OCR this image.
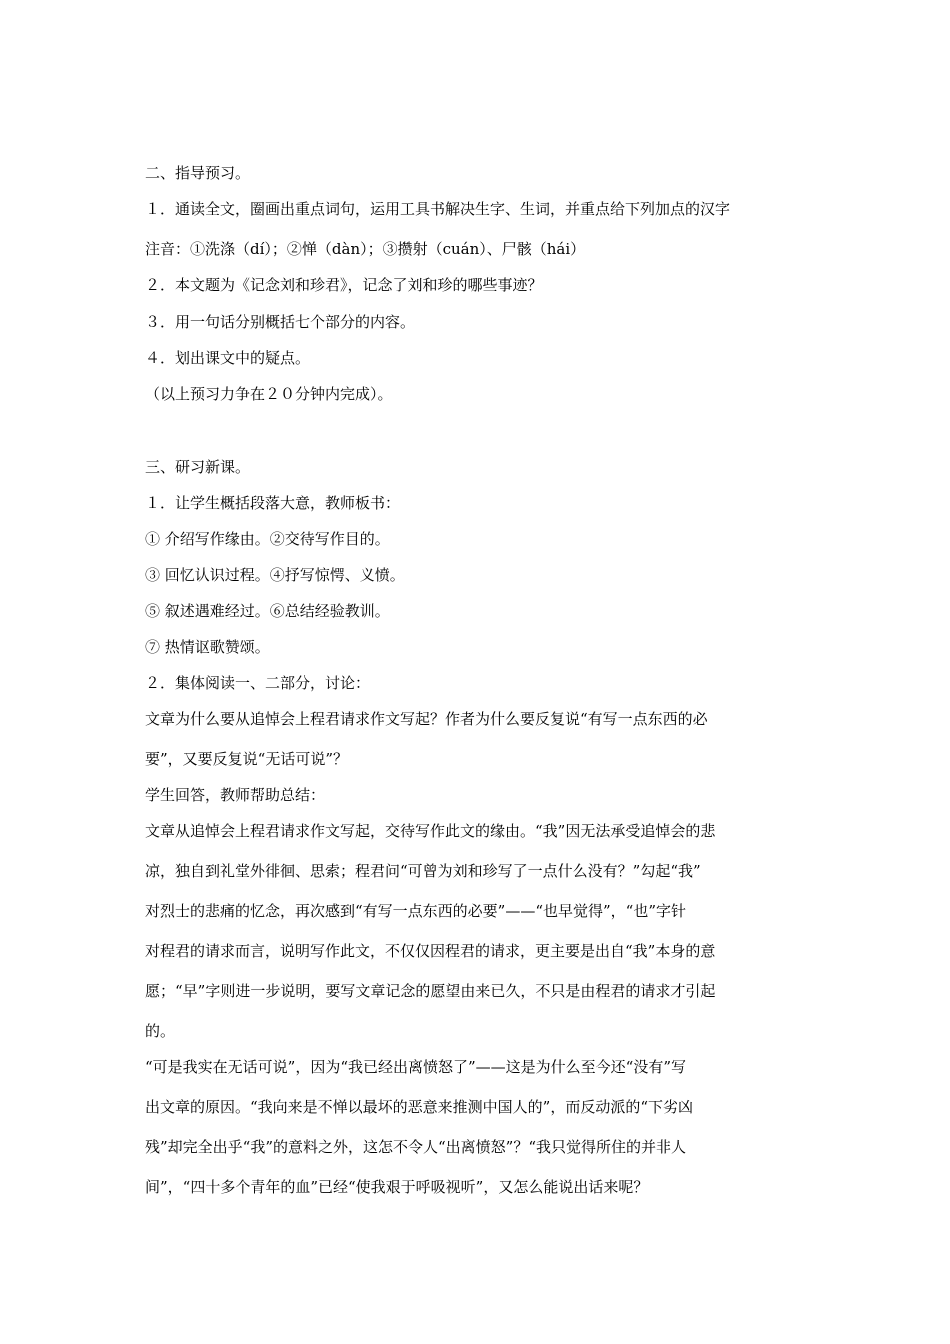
二、指导预习。
１．通读全文，圈画出重点词句，运用工具书解决生字、生词，并重点给下列加点的汉字
注音：①洗涤（dí）；②惮（dàn）；③攒射（cuán）、尸骸（hái）
２．本文题为《记念刘和珍君》，记念了刘和珍的哪些事迹？
３．用一句话分别概括七个部分的内容。
４．划出课文中的疑点。
（以上预习力争在２０分钟内完成）。
三、研习新课。
１．让学生概括段落大意，教师板书：
① 介绍写作缘由。②交待写作目的。
③ 回忆认识过程。④抒写惊愕、义愤。
⑤ 叙述遇难经过。⑥总结经验教训。
⑦ 热情讴歌赞颂。
２．集体阅读一、二部分，讨论：
文章为什么要从追悼会上程君请求作文写起？作者为什么要反复说“有写一点东西的必
要”，又要反复说“无话可说”？
学生回答，教师帮助总结：
文章从追悼会上程君请求作文写起，交待写作此文的缘由。“我”因无法承受追悼会的悲
凉，独自到礼堂外徘徊、思索；程君问“可曾为刘和珍写了一点什么没有？”勾起“我”
对烈士的悲痛的忆念，再次感到“有写一点东西的必要”——“也早觉得”，“也”字针
对程君的请求而言，说明写作此文，不仅仅因程君的请求，更主要是出自“我”本身的意
愿；“早”字则进一步说明，要写文章记念的愿望由来已久，不只是由程君的请求才引起
的。
“可是我实在无话可说”，因为“我已经出离愤怒了”——这是为什么至今还“没有”写
出文章的原因。“我向来是不惮以最坏的恶意来推测中国人的”，而反动派的“下劣凶
残”却完全出乎“我”的意料之外，这怎不令人“出离愤怒”？“我只觉得所住的并非人
间”，“四十多个青年的血”已经“使我艰于呼吸视听”，又怎么能说出话来呢？
